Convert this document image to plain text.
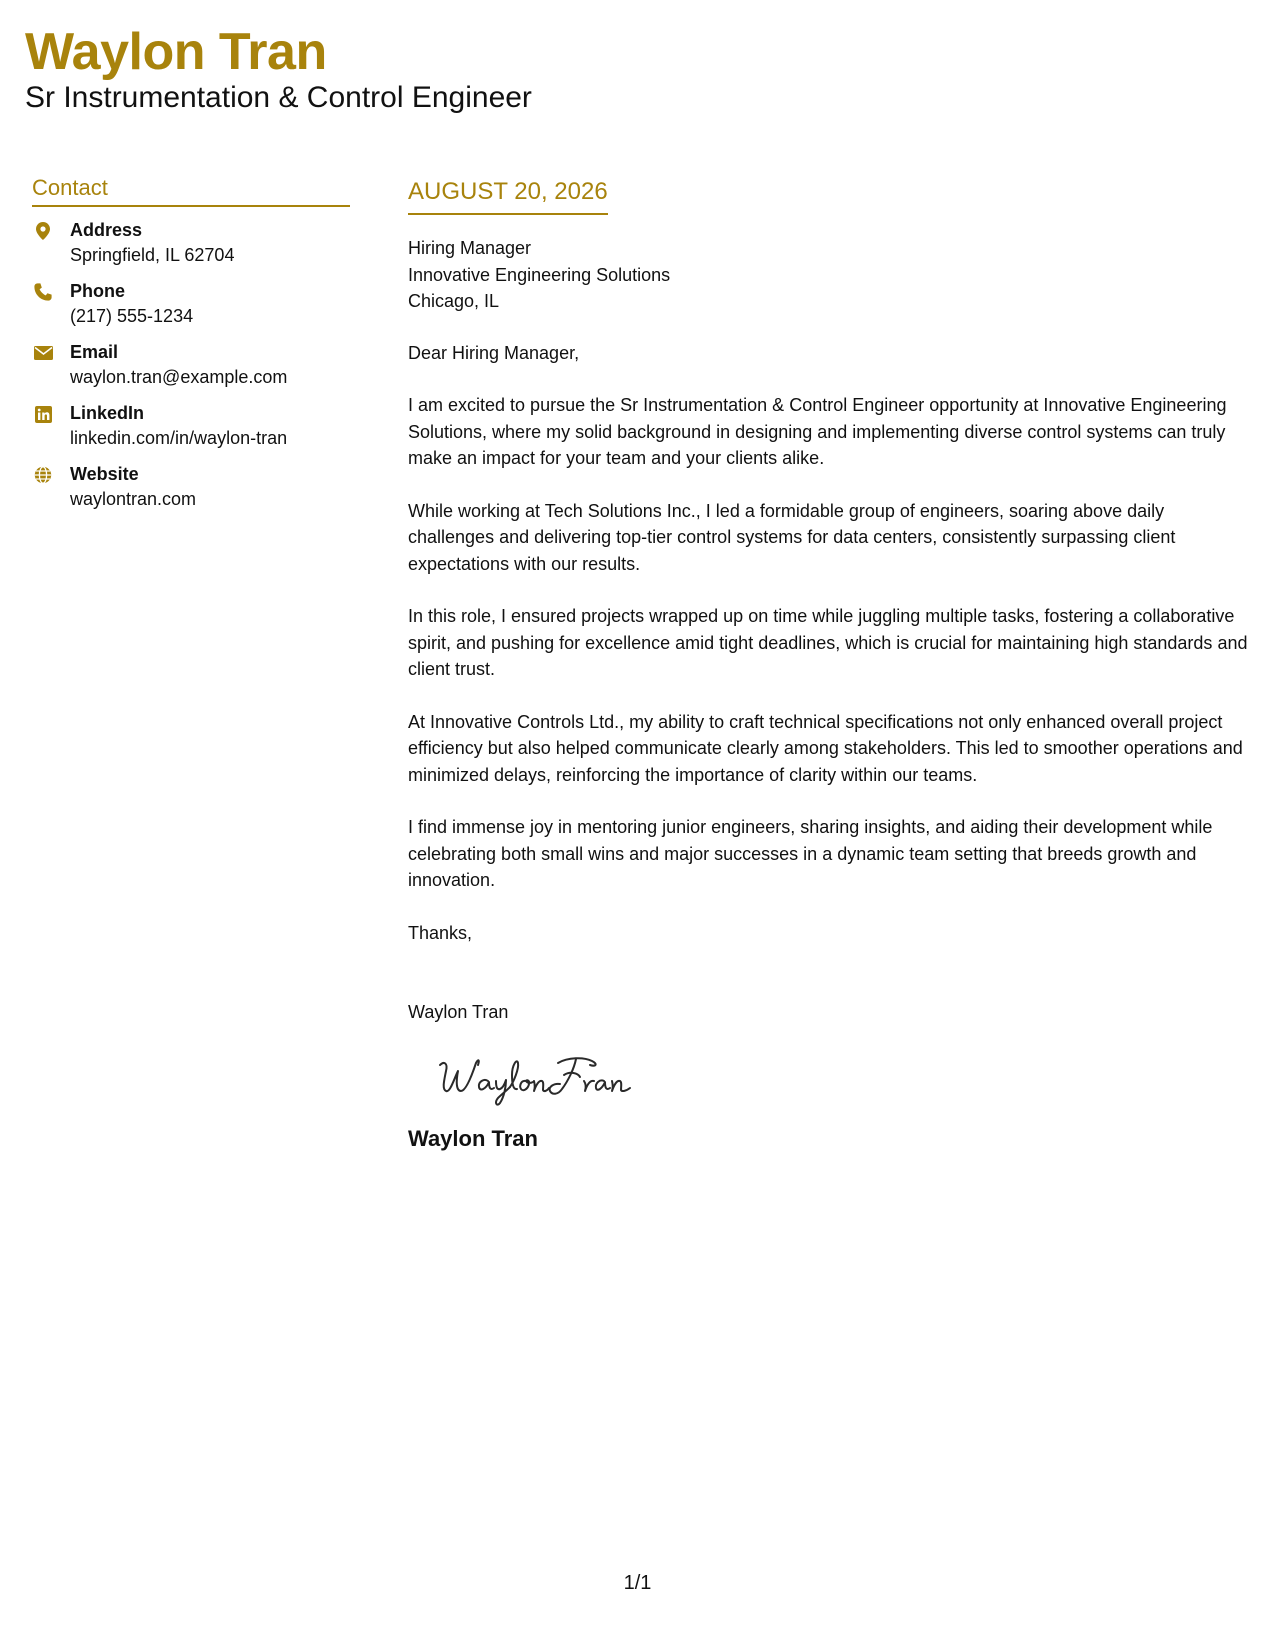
Waylon Tran
Sr Instrumentation & Control Engineer
Contact
Address
Springfield, IL 62704
Phone
(217) 555-1234
Email
waylon.tran@example.com
LinkedIn
linkedin.com/in/waylon-tran
Website
waylontran.com
AUGUST 20, 2026
Hiring Manager
Innovative Engineering Solutions
Chicago, IL
Dear Hiring Manager,
I am excited to pursue the Sr Instrumentation & Control Engineer opportunity at Innovative Engineering Solutions, where my solid background in designing and implementing diverse control systems can truly make an impact for your team and your clients alike.
While working at Tech Solutions Inc., I led a formidable group of engineers, soaring above daily challenges and delivering top-tier control systems for data centers, consistently surpassing client expectations with our results.
In this role, I ensured projects wrapped up on time while juggling multiple tasks, fostering a collaborative spirit, and pushing for excellence amid tight deadlines, which is crucial for maintaining high standards and client trust.
At Innovative Controls Ltd., my ability to craft technical specifications not only enhanced overall project efficiency but also helped communicate clearly among stakeholders. This led to smoother operations and minimized delays, reinforcing the importance of clarity within our teams.
I find immense joy in mentoring junior engineers, sharing insights, and aiding their development while celebrating both small wins and major successes in a dynamic team setting that breeds growth and innovation.
Thanks,
Waylon Tran
Waylon Tran
1/1
